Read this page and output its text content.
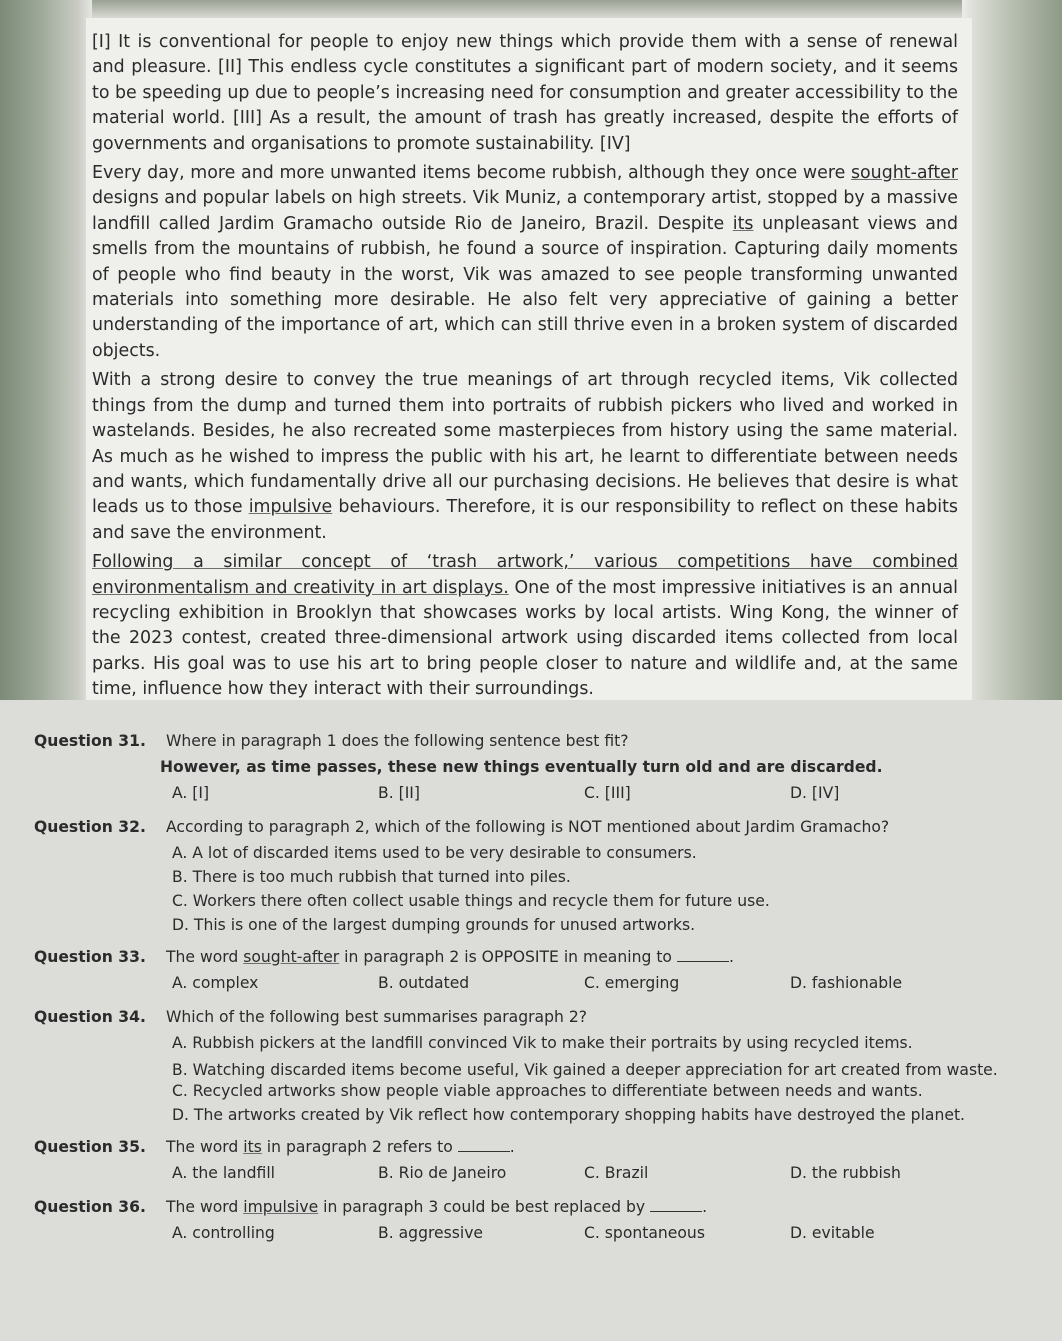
[I] It is conventional for people to enjoy new things which provide them with a sense of renewal and pleasure. [II] This endless cycle constitutes a significant part of modern society, and it seems to be speeding up due to people’s increasing need for consumption and greater accessibility to the material world. [III] As a result, the amount of trash has greatly increased, despite the efforts of governments and organisations to promote sustainability. [IV]

Every day, more and more unwanted items become rubbish, although they once were sought-after designs and popular labels on high streets. Vik Muniz, a contemporary artist, stopped by a massive landfill called Jardim Gramacho outside Rio de Janeiro, Brazil. Despite its unpleasant views and smells from the mountains of rubbish, he found a source of inspiration. Capturing daily moments of people who find beauty in the worst, Vik was amazed to see people transforming unwanted materials into something more desirable. He also felt very appreciative of gaining a better understanding of the importance of art, which can still thrive even in a broken system of discarded objects.

With a strong desire to convey the true meanings of art through recycled items, Vik collected things from the dump and turned them into portraits of rubbish pickers who lived and worked in wastelands. Besides, he also recreated some masterpieces from history using the same material. As much as he wished to impress the public with his art, he learnt to differentiate between needs and wants, which fundamentally drive all our purchasing decisions. He believes that desire is what leads us to those impulsive behaviours. Therefore, it is our responsibility to reflect on these habits and save the environment.

Following a similar concept of ‘trash artwork,’ various competitions have combined environmentalism and creativity in art displays. One of the most impressive initiatives is an annual recycling exhibition in Brooklyn that showcases works by local artists. Wing Kong, the winner of the 2023 contest, created three-dimensional artwork using discarded items collected from local parks. His goal was to use his art to bring people closer to nature and wildlife and, at the same time, influence how they interact with their surroundings.

Question 31.	Where in paragraph 1 does the following sentence best fit?
However, as time passes, these new things eventually turn old and are discarded.
A. [I]	B. [II]	C. [III]	D. [IV]
Question 32.	According to paragraph 2, which of the following is NOT mentioned about Jardim Gramacho?
A. A lot of discarded items used to be very desirable to consumers.
B. There is too much rubbish that turned into piles.
C. Workers there often collect usable things and recycle them for future use.
D. This is one of the largest dumping grounds for unused artworks.
Question 33.	The word sought-after in paragraph 2 is OPPOSITE in meaning to	.
A. complex	B. outdated	C. emerging	D. fashionable
Question 34.	Which of the following best summarises paragraph 2?
A. Rubbish pickers at the landfill convinced Vik to make their portraits by using recycled items.
B. Watching discarded items become useful, Vik gained a deeper appreciation for art created from waste.
C. Recycled artworks show people viable approaches to differentiate between needs and wants.
D. The artworks created by Vik reflect how contemporary shopping habits have destroyed the planet.
Question 35.	The word its in paragraph 2 refers to	.
A. the landfill	B. Rio de Janeiro	C. Brazil	D. the rubbish
Question 36.	The word impulsive in paragraph 3 could be best replaced by	.
A. controlling	B. aggressive	C. spontaneous	D. evitable
